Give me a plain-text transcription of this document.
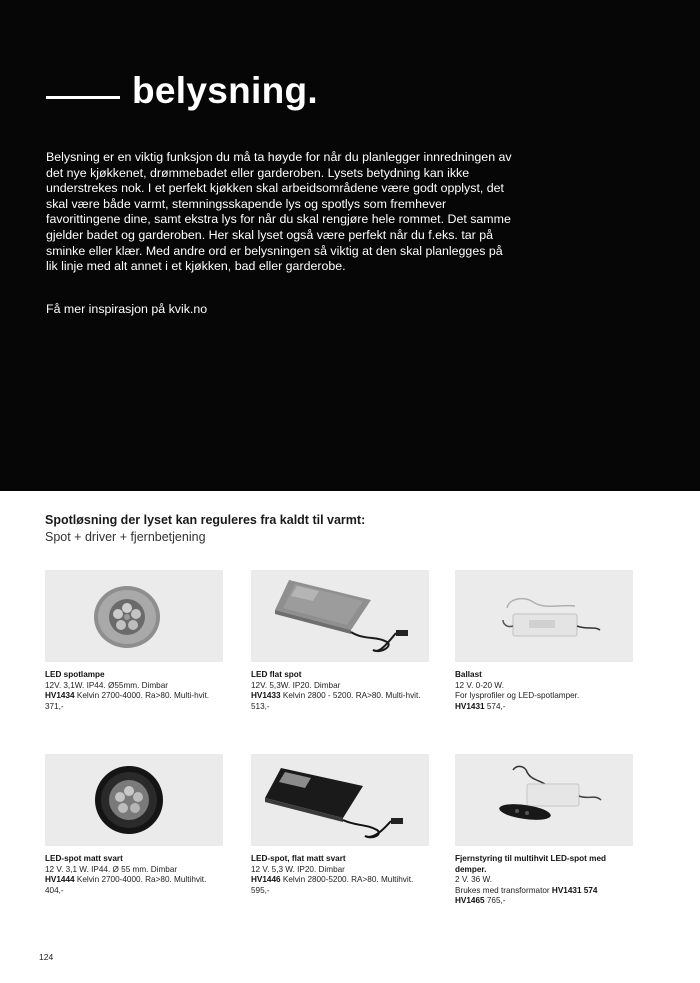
belysning.

Belysning er en viktig funksjon du må ta høyde for når du planlegger innredningen av det nye kjøkkenet, drømmebadet eller garderoben. Lysets betydning kan ikke understrekes nok. I et perfekt kjøkken skal arbeidsområdene være godt opplyst, det skal være både varmt, stemningsskapende lys og spotlys som fremhever favorittingene dine, samt ekstra lys for når du skal rengjøre hele rommet. Det samme gjelder badet og garderoben. Her skal lyset også være perfekt når du f.eks. tar på sminke eller klær. Med andre ord er belysningen så viktig at den skal planlegges på lik linje med alt annet i et kjøkken, bad eller garderobe.

Få mer inspirasjon på kvik.no
Spotløsning der lyset kan reguleres fra kaldt til varmt:
Spot + driver + fjernbetjening
LED spotlampe
12V. 3,1W. IP44. Ø55mm. Dimbar
HV1434 Kelvin 2700-4000. Ra>80. Multi-hvit.
371,-
LED flat spot
12V. 5,3W. IP20. Dimbar
HV1433 Kelvin 2800 - 5200. RA>80. Multi-hvit.
513,-
Ballast
12 V. 0-20 W.
For lysprofiler og LED-spotlamper.
HV1431 574,-
LED-spot matt svart
12 V. 3,1 W. IP44. Ø 55 mm. Dimbar
HV1444 Kelvin 2700-4000. Ra>80. Multihvit.
404,-
LED-spot, flat matt svart
12 V. 5,3 W. IP20. Dimbar
HV1446 Kelvin 2800-5200. RA>80. Multihvit.
595,-
Fjernstyring til multihvit LED-spot med demper.
2 V. 36 W.
Brukes med transformator HV1431 574
HV1465 765,-
124
